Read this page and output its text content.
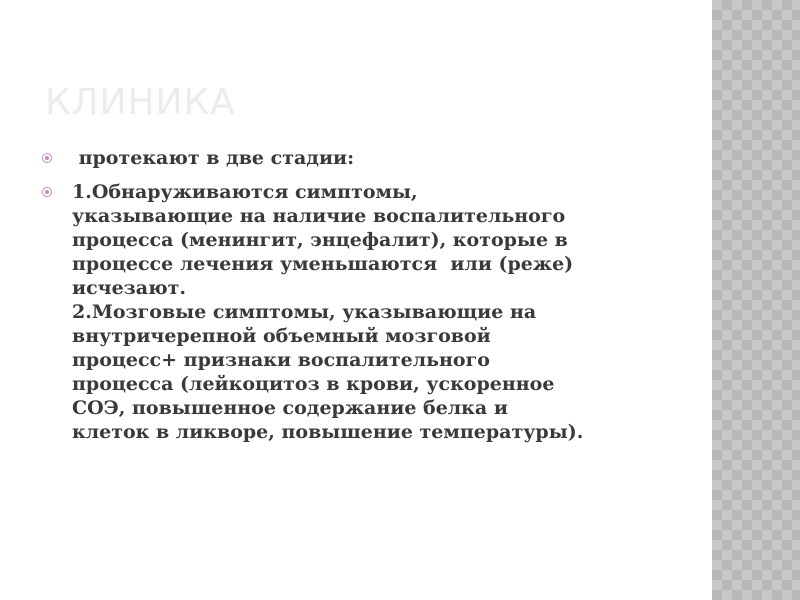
КЛИНИКА
протекают в две стадии:
1.Обнаруживаются симптомы,
указывающие на наличие воспалительного
процесса (менингит, энцефалит), которые в
процессе лечения уменьшаются  или (реже)
исчезают.
2.Мозговые симптомы, указывающие на
внутричерепной объемный мозговой
процесс+ признаки воспалительного
процесса (лейкоцитоз в крови, ускоренное
СОЭ, повышенное содержание белка и
клеток в ликворе, повышение температуры).
